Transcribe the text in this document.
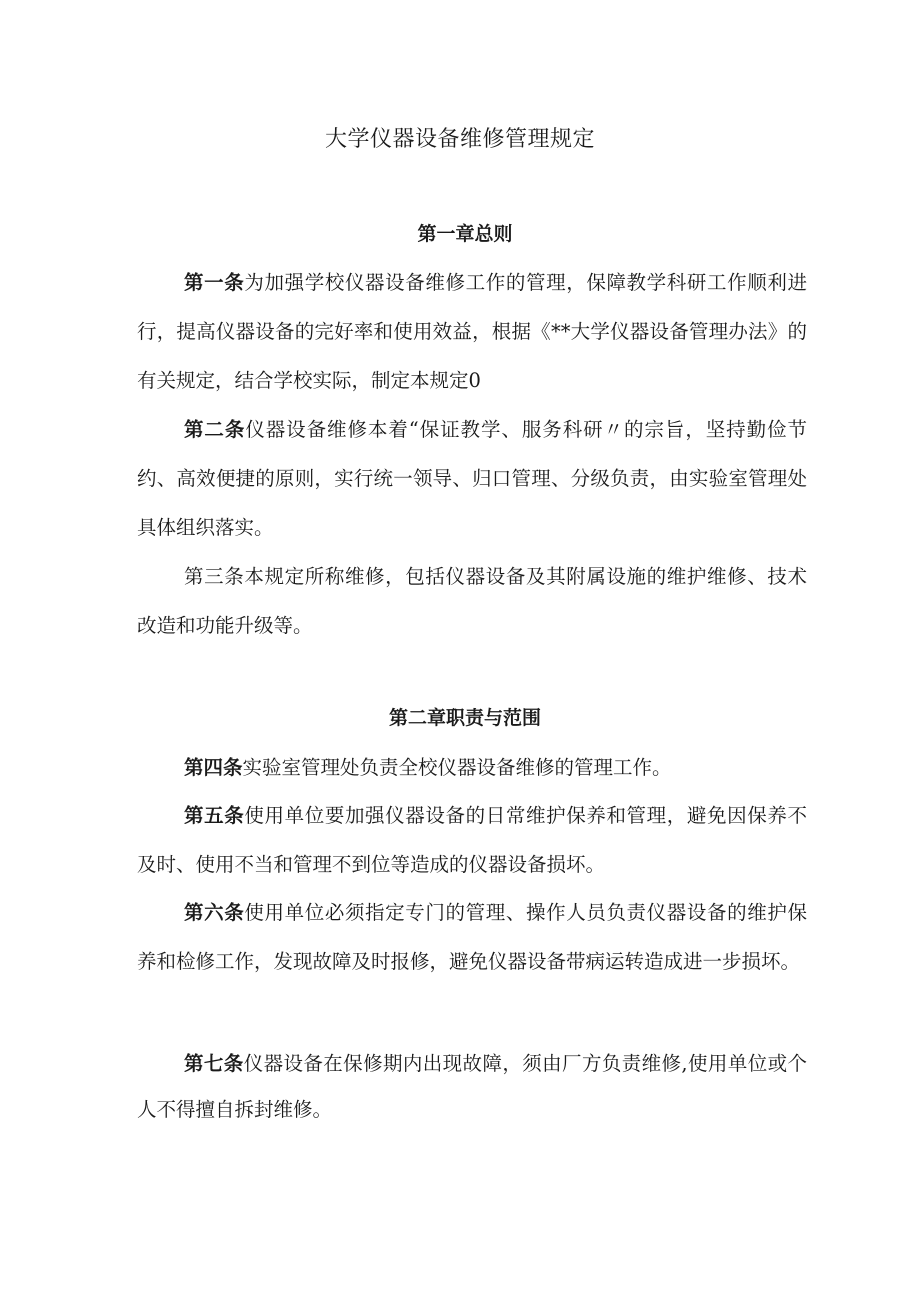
大学仪器设备维修管理规定
第一章总则

第一条为加强学校仪器设备维修工作的管理，保障教学科研工作顺利进行，提高仪器设备的完好率和使用效益，根据《**大学仪器设备管理办法》的有关规定，结合学校实际，制定本规定0

第二条仪器设备维修本着“保证教学、服务科研〃的宗旨，坚持勤俭节约、高效便捷的原则，实行统一领导、归口管理、分级负责，由实验室管理处具体组织落实。

第三条本规定所称维修，包括仪器设备及其附属设施的维护维修、技术改造和功能升级等。

第二章职责与范围

第四条实验室管理处负责全校仪器设备维修的管理工作。

第五条使用单位要加强仪器设备的日常维护保养和管理，避免因保养不及时、使用不当和管理不到位等造成的仪器设备损坏。

第六条使用单位必须指定专门的管理、操作人员负责仪器设备的维护保养和检修工作，发现故障及时报修，避免仪器设备带病运转造成进一步损坏。

第七条仪器设备在保修期内出现故障，须由厂方负责维修,使用单位或个人不得擅自拆封维修。
